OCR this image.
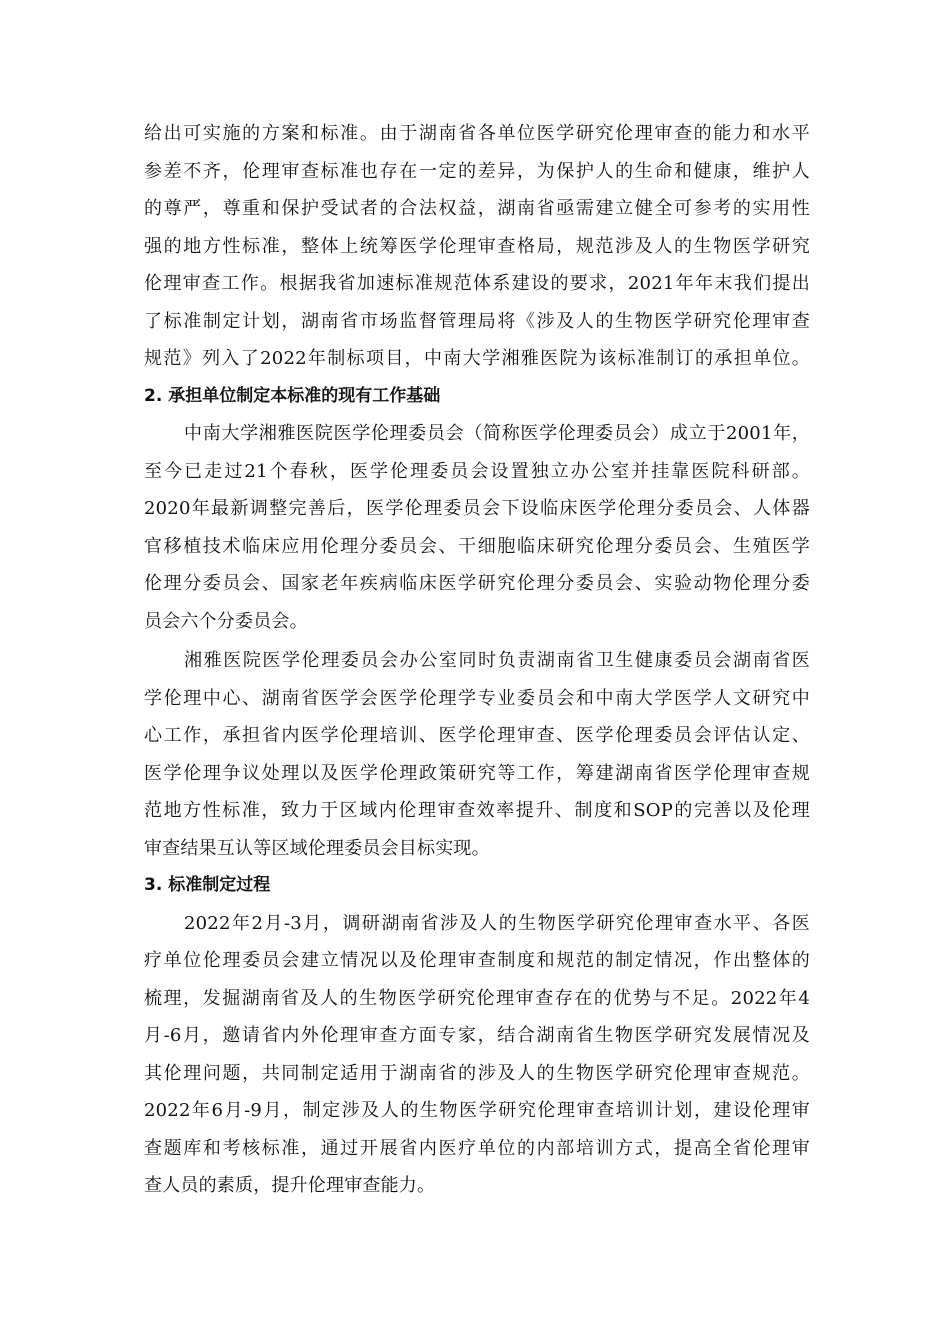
给出可实施的方案和标准。由于湖南省各单位医学研究伦理审查的能力和水平
参差不齐，伦理审查标准也存在一定的差异，为保护人的生命和健康，维护人
的尊严，尊重和保护受试者的合法权益，湖南省亟需建立健全可参考的实用性
强的地方性标准，整体上统筹医学伦理审查格局，规范涉及人的生物医学研究
伦理审查工作。根据我省加速标准规范体系建设的要求，2021年年末我们提出
了标准制定计划，湖南省市场监督管理局将《涉及人的生物医学研究伦理审查
规范》列入了2022年制标项目，中南大学湘雅医院为该标准制订的承担单位。
2. 承担单位制定本标准的现有工作基础
中南大学湘雅医院医学伦理委员会（简称医学伦理委员会）成立于2001年，
至今已走过21个春秋，医学伦理委员会设置独立办公室并挂靠医院科研部。
2020年最新调整完善后，医学伦理委员会下设临床医学伦理分委员会、人体器
官移植技术临床应用伦理分委员会、干细胞临床研究伦理分委员会、生殖医学
伦理分委员会、国家老年疾病临床医学研究伦理分委员会、实验动物伦理分委
员会六个分委员会。
湘雅医院医学伦理委员会办公室同时负责湖南省卫生健康委员会湖南省医
学伦理中心、湖南省医学会医学伦理学专业委员会和中南大学医学人文研究中
心工作，承担省内医学伦理培训、医学伦理审查、医学伦理委员会评估认定、
医学伦理争议处理以及医学伦理政策研究等工作，筹建湖南省医学伦理审查规
范地方性标准，致力于区域内伦理审查效率提升、制度和SOP的完善以及伦理
审查结果互认等区域伦理委员会目标实现。
3. 标准制定过程
2022年2月-3月，调研湖南省涉及人的生物医学研究伦理审查水平、各医
疗单位伦理委员会建立情况以及伦理审查制度和规范的制定情况，作出整体的
梳理，发掘湖南省及人的生物医学研究伦理审查存在的优势与不足。2022年4
月-6月，邀请省内外伦理审查方面专家，结合湖南省生物医学研究发展情况及
其伦理问题，共同制定适用于湖南省的涉及人的生物医学研究伦理审查规范。
2022年6月-9月，制定涉及人的生物医学研究伦理审查培训计划，建设伦理审
查题库和考核标准，通过开展省内医疗单位的内部培训方式，提高全省伦理审
查人员的素质，提升伦理审查能力。
